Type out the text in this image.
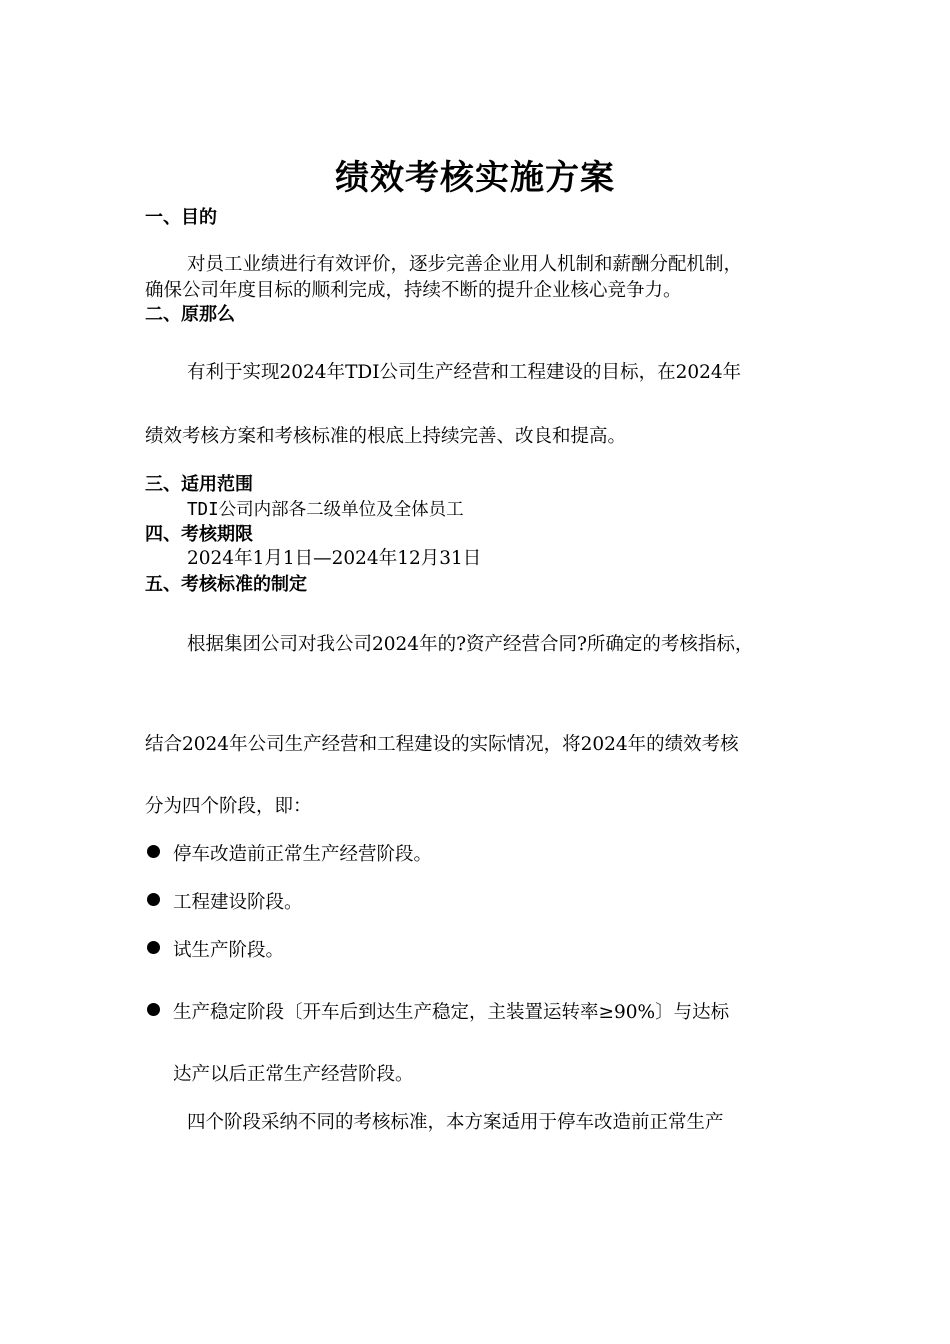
绩效考核实施方案
一、目的
对员工业绩进行有效评价，逐步完善企业用人机制和薪酬分配机制，
确保公司年度目标的顺利完成，持续不断的提升企业核心竞争力。
二、原那么
有利于实现2024年TDI公司生产经营和工程建设的目标，在2024年
绩效考核方案和考核标准的根底上持续完善、改良和提高。
三、适用范围
TDI公司内部各二级单位及全体员工
四、考核期限
2024年1月1日—2024年12月31日
五、考核标准的制定
根据集团公司对我公司2024年的?资产经营合同?所确定的考核指标，
结合2024年公司生产经营和工程建设的实际情况，将2024年的绩效考核
分为四个阶段，即：
停车改造前正常生产经营阶段。
工程建设阶段。
试生产阶段。
生产稳定阶段〔开车后到达生产稳定，主装置运转率≥90%〕与达标
达产以后正常生产经营阶段。
四个阶段采纳不同的考核标准，本方案适用于停车改造前正常生产
